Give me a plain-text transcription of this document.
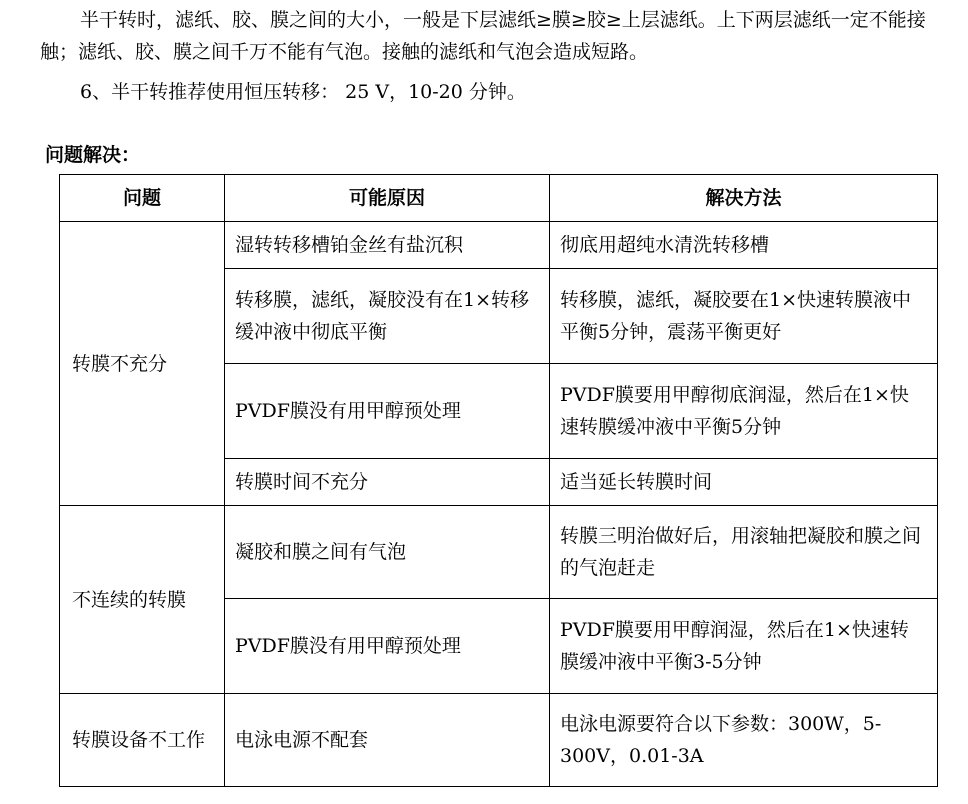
半干转时，滤纸、胶、膜之间的大小，一般是下层滤纸≥膜≥胶≥上层滤纸。上下两层滤纸一定不能接触；滤纸、胶、膜之间千万不能有气泡。接触的滤纸和气泡会造成短路。

6、半干转推荐使用恒压转移： 25 V，10-20 分钟。

问题解决：

问题	可能原因	解决方法
转膜不充分	湿转转移槽铂金丝有盐沉积	彻底用超纯水清洗转移槽
	转移膜，滤纸，凝胶没有在1×转移缓冲液中彻底平衡	转移膜，滤纸，凝胶要在1×快速转膜液中平衡5分钟，震荡平衡更好
	PVDF膜没有用甲醇预处理	PVDF膜要用甲醇彻底润湿，然后在1×快速转膜缓冲液中平衡5分钟
	转膜时间不充分	适当延长转膜时间
不连续的转膜	凝胶和膜之间有气泡	转膜三明治做好后，用滚轴把凝胶和膜之间的气泡赶走
	PVDF膜没有用甲醇预处理	PVDF膜要用甲醇润湿，然后在1×快速转膜缓冲液中平衡3-5分钟
转膜设备不工作	电泳电源不配套	电泳电源要符合以下参数：300W，5-300V，0.01-3A
